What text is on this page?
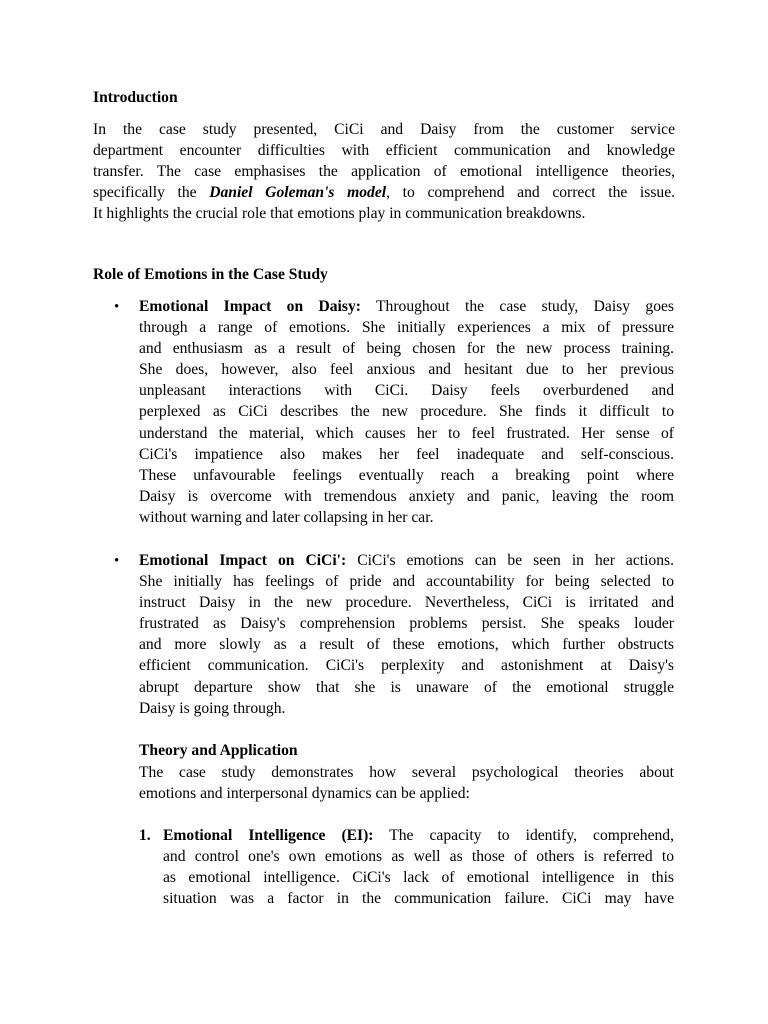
Introduction
In the case study presented, CiCi and Daisy from the customer service
department encounter difficulties with efficient communication and knowledge
transfer. The case emphasises the application of emotional intelligence theories,
specifically the Daniel Goleman's model, to comprehend and correct the issue.
It highlights the crucial role that emotions play in communication breakdowns.
Role of Emotions in the Case Study
•	Emotional Impact on Daisy: Throughout the case study, Daisy goes
through a range of emotions. She initially experiences a mix of pressure
and enthusiasm as a result of being chosen for the new process training.
She does, however, also feel anxious and hesitant due to her previous
unpleasant interactions with CiCi. Daisy feels overburdened and
perplexed as CiCi describes the new procedure. She finds it difficult to
understand the material, which causes her to feel frustrated. Her sense of
CiCi's impatience also makes her feel inadequate and self-conscious.
These unfavourable feelings eventually reach a breaking point where
Daisy is overcome with tremendous anxiety and panic, leaving the room
without warning and later collapsing in her car.
•	Emotional Impact on CiCi': CiCi's emotions can be seen in her actions.
She initially has feelings of pride and accountability for being selected to
instruct Daisy in the new procedure. Nevertheless, CiCi is irritated and
frustrated as Daisy's comprehension problems persist. She speaks louder
and more slowly as a result of these emotions, which further obstructs
efficient communication. CiCi's perplexity and astonishment at Daisy's
abrupt departure show that she is unaware of the emotional struggle
Daisy is going through.
Theory and Application
The case study demonstrates how several psychological theories about
emotions and interpersonal dynamics can be applied:
1. Emotional Intelligence (EI): The capacity to identify, comprehend,
and control one's own emotions as well as those of others is referred to
as emotional intelligence. CiCi's lack of emotional intelligence in this
situation was a factor in the communication failure. CiCi may have
